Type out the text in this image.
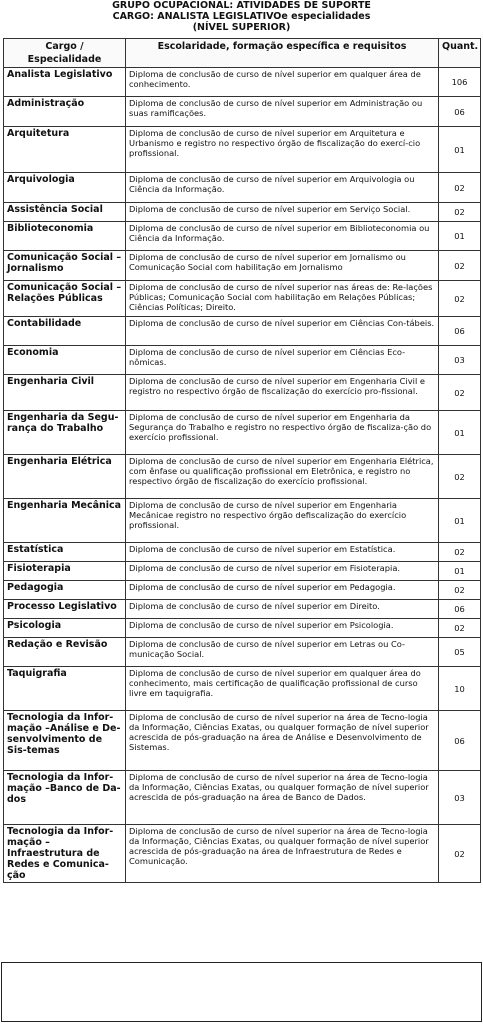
GRUPO OCUPACIONAL: ATIVIDADES DE SUPORTE
CARGO: ANALISTA LEGISLATIVOe especialidades
(NÍVEL SUPERIOR)
Cargo / Especialidade	Escolaridade, formação específica e requisitos	Quant.
Analista Legislativo	Diploma de conclusão de curso de nível superior em qualquer área de conhecimento.	106
Administração	Diploma de conclusão de curso de nível superior em Administração ou suas ramificações.	06
Arquitetura	Diploma de conclusão de curso de nível superior em Arquitetura e Urbanismo e registro no respectivo órgão de fiscalização do exercí-cio profissional.	01
Arquivologia	Diploma de conclusão de curso de nível superior em Arquivologia ou Ciência da Informação.	02
Assistência Social	Diploma de conclusão de curso de nível superior em Serviço Social.	02
Biblioteconomia	Diploma de conclusão de curso de nível superior em Biblioteconomia ou Ciência da Informação.	01
Comunicação Social – Jornalismo	Diploma de conclusão de curso de nível superior em Jornalismo ou Comunicação Social com habilitação em Jornalismo	02
Comunicação Social – Relações Públicas	Diploma de conclusão de curso de nível superior nas áreas de: Re-lações Públicas; Comunicação Social com habilitação em Relações Públicas; Ciências Políticas; Direito.	02
Contabilidade	Diploma de conclusão de curso de nível superior em Ciências Con-tábeis.	06
Economia	Diploma de conclusão de curso de nível superior em Ciências Eco-nômicas.	03
Engenharia Civil	Diploma de conclusão de curso de nível superior em Engenharia Civil e registro no respectivo órgão de fiscalização do exercício pro-fissional.	02
Engenharia da Segu-rança do Trabalho	Diploma de conclusão de curso de nível superior em Engenharia da Segurança do Trabalho e registro no respectivo órgão de fiscaliza-ção do exercício profissional.	01
Engenharia Elétrica	Diploma de conclusão de curso de nível superior em Engenharia Elétrica, com ênfase ou qualificação profissional em Eletrônica, e registro no respectivo órgão de fiscalização do exercício profissional.	02
Engenharia Mecânica	Diploma de conclusão de curso de nível superior em Engenharia Mecânicae registro no respectivo órgão defiscalização do exercício profissional.	01
Estatística	Diploma de conclusão de curso de nível superior em Estatística.	02
Fisioterapia	Diploma de conclusão de curso de nível superior em Fisioterapia.	01
Pedagogia	Diploma de conclusão de curso de nível superior em Pedagogia.	02
Processo Legislativo	Diploma de conclusão de curso de nível superior em Direito.	06
Psicologia	Diploma de conclusão de curso de nível superior em Psicologia.	02
Redação e Revisão	Diploma de conclusão de curso de nível superior em Letras ou Co-municação Social.	05
Taquigrafia	Diploma de conclusão de curso de nível superior em qualquer área do conhecimento, mais certificação de qualificação profissional de curso livre em taquigrafia.	10
Tecnologia da Infor-mação –Análise e De-senvolvimento de Sis-temas	Diploma de conclusão de curso de nível superior na área de Tecno-logia da Informação, Ciências Exatas, ou qualquer formação de nível superior acrescida de pós-graduação na área de Análise e Desenvolvimento de Sistemas.	06
Tecnologia da Infor-mação –Banco de Da-dos	Diploma de conclusão de curso de nível superior na área de Tecno-logia da Informação, Ciências Exatas, ou qualquer formação de nível superior acrescida de pós-graduação na área de Banco de Dados.	03
Tecnologia da Infor-mação –Infraestrutura de Redes e Comunica-ção	Diploma de conclusão de curso de nível superior na área de Tecno-logia da Informação, Ciências Exatas, ou qualquer formação de nível superior acrescida de pós-graduação na área de Infraestrutura de Redes e Comunicação.	02
